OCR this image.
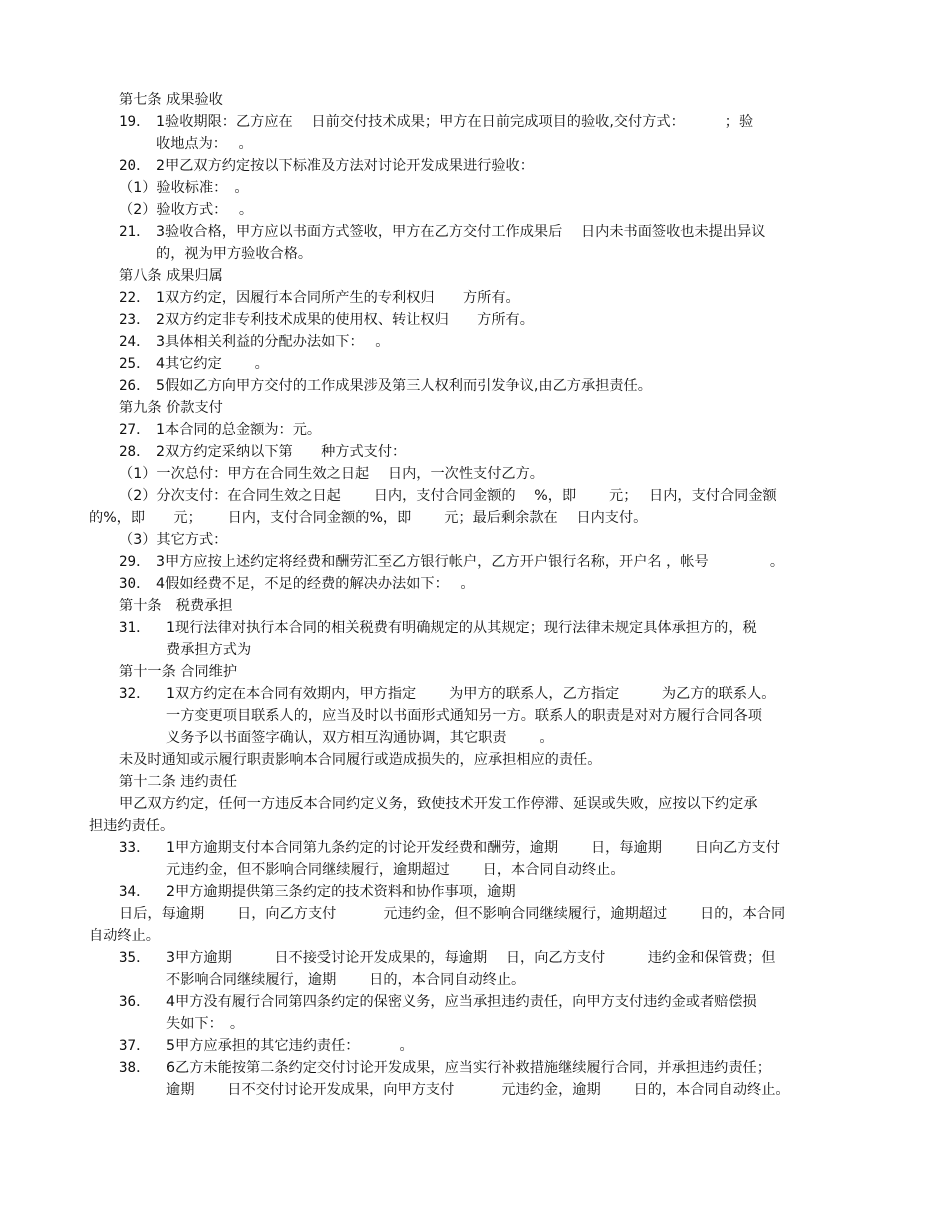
第七条 成果验收
19． 1验收期限：乙方应在　 日前交付技术成果；甲方在日前完成项目的验收,交付方式：　　　 ；验
收地点为：　 。
20． 2甲乙双方约定按以下标准及方法对讨论开发成果进行验收：
（1）验收标准：　。
（2）验收方式：　 。
21． 3验收合格，甲方应以书面方式签收，甲方在乙方交付工作成果后　 日内未书面签收也未提出异议
的，视为甲方验收合格。
第八条 成果归属
22． 1双方约定，因履行本合同所产生的专利权归　　方所有。
23． 2双方约定非专利技术成果的使用权、转让权归　　方所有。
24． 3具体相关利益的分配办法如下：　 。
25． 4其它约定　　 。
26． 5假如乙方向甲方交付的工作成果涉及第三人权利而引发争议,由乙方承担责任。
第九条 价款支付
27． 1本合同的总金额为：元。
28． 2双方约定采纳以下第　　种方式支付：
（1）一次总付：甲方在合同生效之日起　 日内，一次性支付乙方。
（2）分次支付：在合同生效之日起　　 日内，支付合同金额的　 %，即　　 元；　 日内，支付合同金额
的%，即　　元；　　 日内，支付合同金额的%，即　　 元；最后剩余款在　 日内支付。
（3）其它方式：
29． 3甲方应按上述约定将经费和酬劳汇至乙方银行帐户，乙方开户银行名称，开户名 ，帐号　　　　 。
30． 4假如经费不足，不足的经费的解决办法如下：　 。
第十条　税费承担
31． 1现行法律对执行本合同的相关税费有明确规定的从其规定；现行法律未规定具体承担方的，税
费承担方式为
第十一条 合同维护
32． 1双方约定在本合同有效期内，甲方指定　　 为甲方的联系人，乙方指定　　　为乙方的联系人。
一方变更项目联系人的，应当及时以书面形式通知另一方。联系人的职责是对对方履行合同各项
义务予以书面签字确认，双方相互沟通协调，其它职责　　 。
未及时通知或示履行职责影响本合同履行或造成损失的，应承担相应的责任。
第十二条 违约责任
甲乙双方约定，任何一方违反本合同约定义务，致使技术开发工作停滞、延误或失败，应按以下约定承
担违约责任。
33． 1甲方逾期支付本合同第九条约定的讨论开发经费和酬劳，逾期　　 日，每逾期　　 日向乙方支付
元违约金，但不影响合同继续履行，逾期超过　　 日，本合同自动终止。
34． 2甲方逾期提供第三条约定的技术资料和协作事项，逾期
日后，每逾期　　 日，向乙方支付　　　 元违约金，但不影响合同继续履行，逾期超过　　 日的，本合同
自动终止。
35． 3甲方逾期　　　日不接受讨论开发成果的，每逾期　 日，向乙方支付　　　违约金和保管费；但
不影响合同继续履行，逾期　　 日的，本合同自动终止。
36． 4甲方没有履行合同第四条约定的保密义务，应当承担违约责任，向甲方支付违约金或者赔偿损
失如下：　。
37． 5甲方应承担的其它违约责任：　　　 。
38． 6乙方未能按第二条约定交付讨论开发成果，应当实行补救措施继续履行合同，并承担违约责任；
逾期　　 日不交付讨论开发成果，向甲方支付　　　 元违约金，逾期　　 日的，本合同自动终止。
